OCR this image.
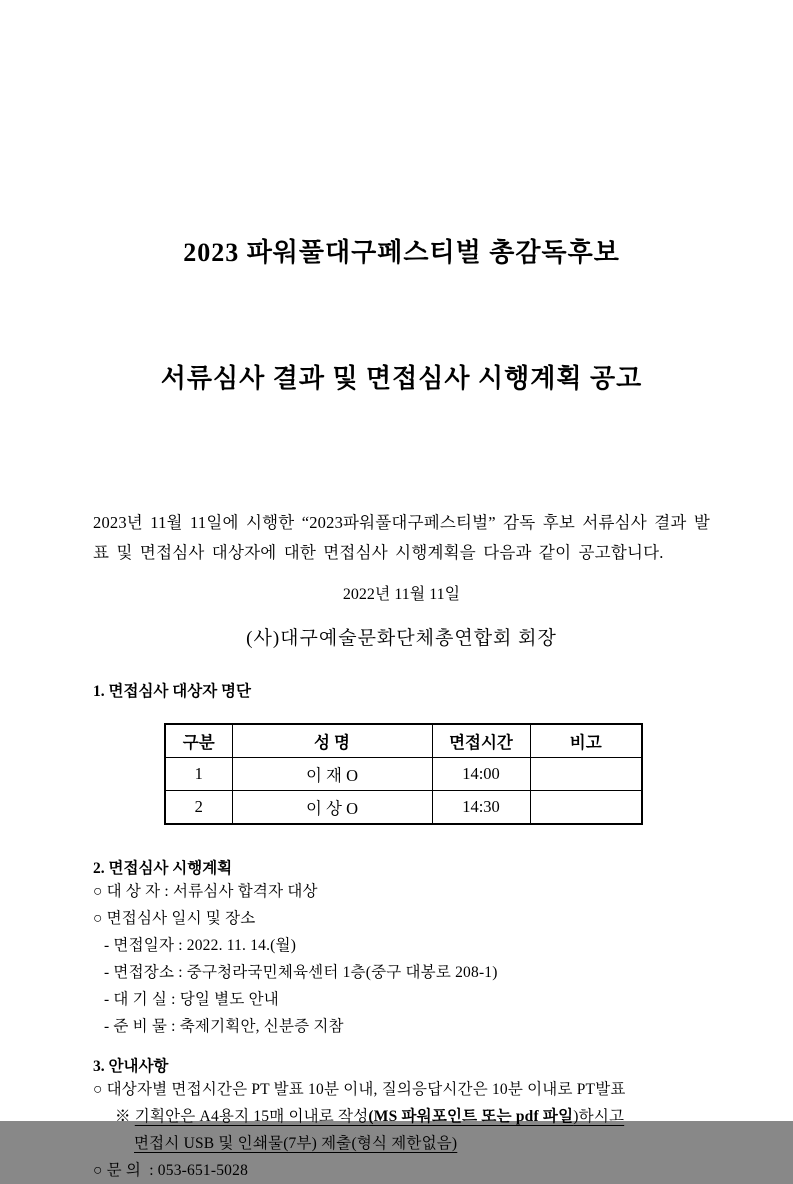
2023 파워풀대구페스티벌 총감독후보

서류심사 결과 및 면접심사 시행계획 공고

2023년 11월 11일에 시행한 “2023파워풀대구페스티벌” 감독 후보 서류심사 결과 발표 및 면접심사 대상자에 대한 면접심사 시행계획을 다음과 같이 공고합니다.
2022년 11월 11일
(사)대구예술문화단체총연합회 회장
1. 면접심사 대상자 명단
구분	성 명	면접시간	비고
1	이 재 O	14:00	
2	이 상 O	14:30	
2. 면접심사 시행계획
○ 대 상 자 : 서류심사 합격자 대상
○ 면접심사 일시 및 장소
- 면접일자 : 2022. 11. 14.(월)
- 면접장소 : 중구청라국민체육센터 1층(중구 대봉로 208-1)
- 대 기 실 : 당일 별도 안내
- 준 비 물 : 축제기획안, 신분증 지참
3. 안내사항
○ 대상자별 면접시간은 PT 발표 10분 이내, 질의응답시간은 10분 이내로 PT발표
※ 기획안은 A4용지 15매 이내로 작성(MS 파워포인트 또는 pdf 파일)하시고
면접시 USB 및 인쇄물(7부) 제출(형식 제한없음)
○ 문 의  : 053-651-5028
